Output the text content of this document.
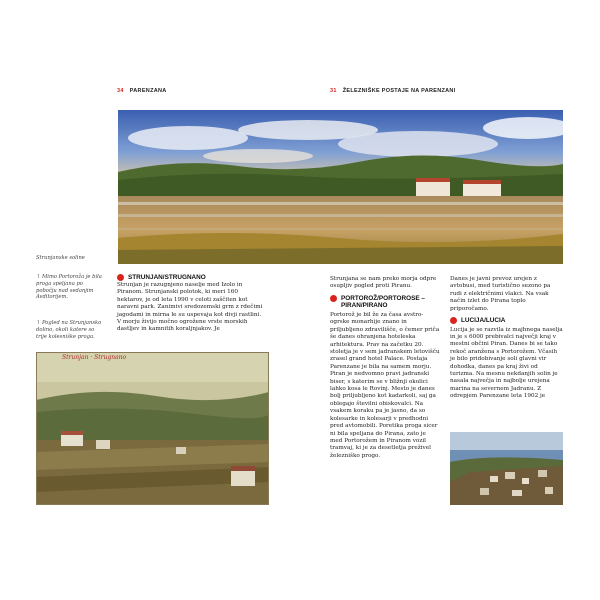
34 PARENZANA	31 ŽELEZNIŠKE POSTAJE NA PARENZANI
Strunjanske soline
↑ Mimo Portoroža je bila proga speljana po pobočju nad sedanjim Avditorijem.
↑ Pogled na Strunjansko dolino, okoli katere so trije kolesniške proga.
STRUNJAN/STRUGNANO

Strunjan je razugnjeno naselje med Izolo in Piranom. Strunjanski polotok, ki meri 160 hektarov, je od leta 1990 v celoti zaščiten kot naravni park. Zanimivi sredozemski grm z rdečimi jagodami in mirna le su uspevaja kot divji rastlini. V morju živijo močno ogrožene vrste morskih dastljev in kamnitih koraljnjakov. Je

Strunjan · Strugnano

Strunjana se nam preko morja odpre osupljiv pogled proti Piranu.

PORTOROŽ/PORTOROSE – PIRAN/PIRANO

Portorož je bil že za časa avstro-ogrske monarhije znano in priljubljeno zdravilišče, o čemer priča še danes ohranjena hoteleska arhitektura. Prav na začetku 20. stoletja je v sem jadranskem letovišču zrasel grand hotel Palace. Postaja Parenzane je bila na samem morju. Piran je nedvomno pravi jadranski biser, s katerim se v bližnji okolici lahko kosa le Rovinj. Mesto je danes bolj priljubljeno kot kadarkoli, saj ga oblegajo številni obiskovalci. Na vsakem koraku pa je jasno, da so kolesarke in kolesarji v predhodni pred avtomobili. Poretika proga sicer ni bila speljana do Pirana, zato je med Portorožem in Piranom vozil tramvaj, ki je za desetletja preživel železniško progo.

Danes je javni prevoz urejen z avtobusi, med turistično sezono pa rudi z električnimi vlakci. Na vsak način izlet do Pirana toplo priporočamo.

LUCIJA/LUCIA

Lucija je se razvila iz majhnega naselja in je s 6000 prebivalci največji kraj v mestni občini Piran. Danes bi se tako rekoč aranžena s Portorožem. Včasih je bilo pridobivanje soli glavni vir dohodka, danes pa kraj živi od turizma. Na mesnu nekdanjih solin je nasala največja in najbolje urejena marina na severnem Jadranu. Z odrepjem Parenzane leta 1902 je
